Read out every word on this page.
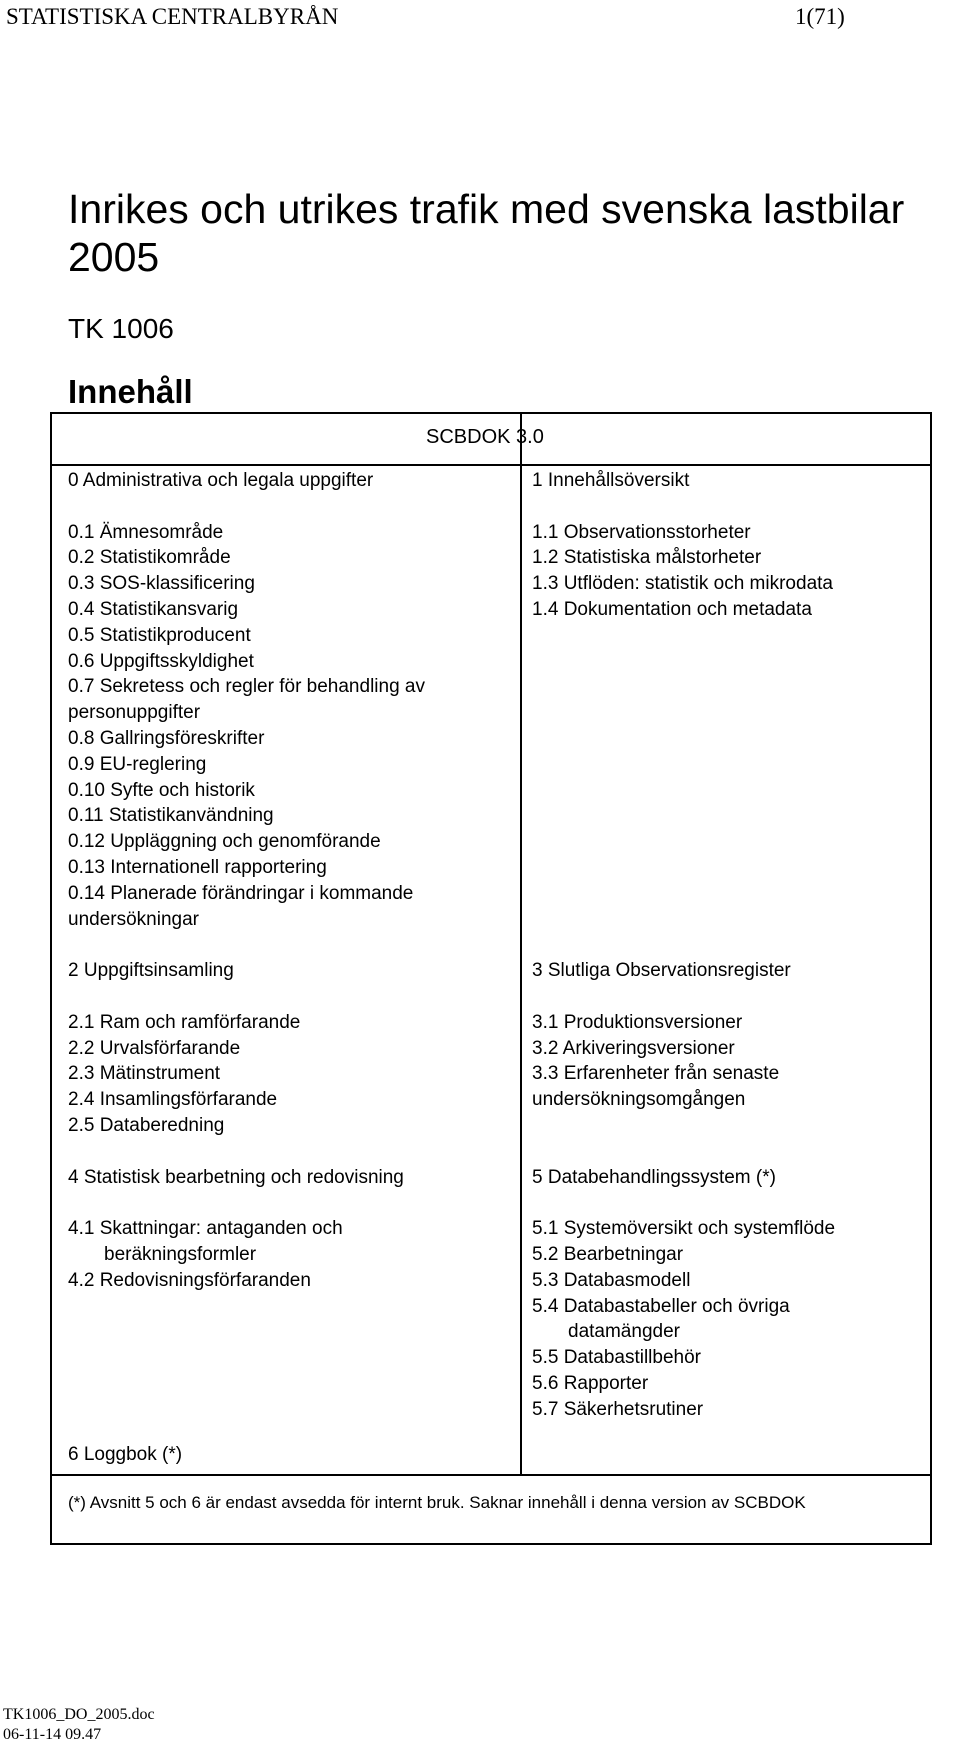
STATISTISKA CENTRALBYRÅN	1(71)
Inrikes och utrikes trafik med svenska lastbilar 2005
TK 1006
Innehåll
SCBDOK 3.0
0 Administrativa och legala uppgifter
0.1 Ämnesområde
0.2 Statistikområde
0.3 SOS-klassificering
0.4 Statistikansvarig
0.5 Statistikproducent
0.6 Uppgiftsskyldighet
0.7 Sekretess och regler för behandling av
personuppgifter
0.8 Gallringsföreskrifter
0.9 EU-reglering
0.10 Syfte och historik
0.11 Statistikanvändning
0.12 Uppläggning och genomförande
0.13 Internationell rapportering
0.14 Planerade förändringar i kommande
undersökningar
2 Uppgiftsinsamling
2.1 Ram och ramförfarande
2.2 Urvalsförfarande
2.3 Mätinstrument
2.4 Insamlingsförfarande
2.5 Databeredning
4 Statistisk bearbetning och redovisning
4.1 Skattningar: antaganden och
beräkningsformler
4.2 Redovisningsförfaranden
1 Innehållsöversikt
1.1 Observationsstorheter
1.2 Statistiska målstorheter
1.3 Utflöden: statistik och mikrodata
1.4 Dokumentation och metadata
3 Slutliga Observationsregister
3.1 Produktionsversioner
3.2 Arkiveringsversioner
3.3 Erfarenheter från senaste
undersökningsomgången
5 Databehandlingssystem (*)
5.1 Systemöversikt och systemflöde
5.2 Bearbetningar
5.3 Databasmodell
5.4 Databastabeller och övriga
datamängder
5.5 Databastillbehör
5.6 Rapporter
5.7 Säkerhetsrutiner
6 Loggbok (*)
(*) Avsnitt 5 och 6 är endast avsedda för internt bruk. Saknar innehåll i denna version av SCBDOK
TK1006_DO_2005.doc
06-11-14 09.47
